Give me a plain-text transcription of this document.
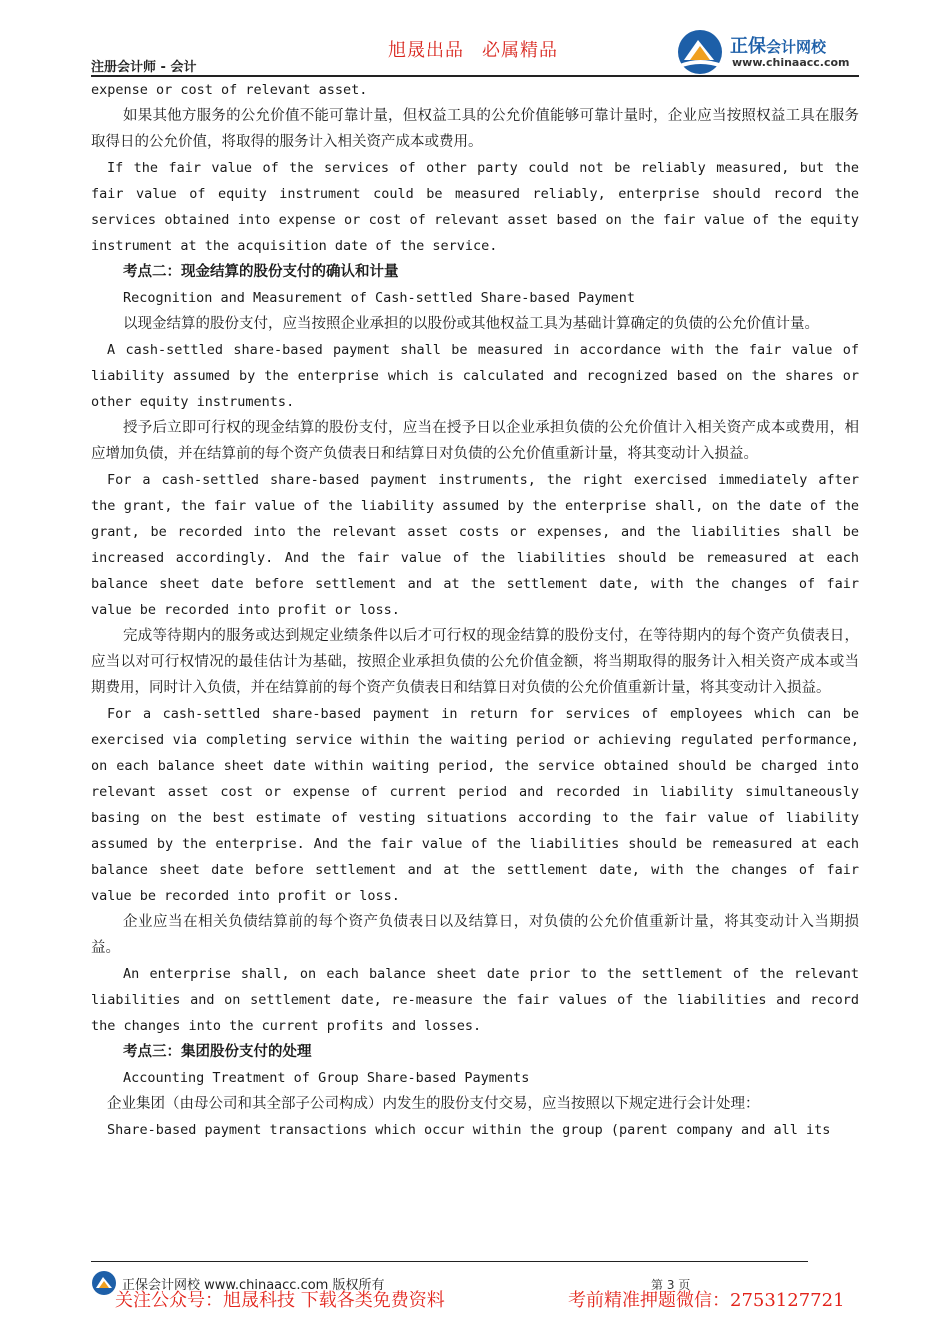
注册会计师 - 会计
旭晟出品 必属精品	正保会计网校
www.chinaacc.com

expense or cost of relevant asset.

如果其他方服务的公允价值不能可靠计量，但权益工具的公允价值能够可靠计量时，企业应当按照权益工具在服务取得日的公允价值，将取得的服务计入相关资产成本或费用。

If the fair value of the services of other party could not be reliably measured, but the fair value of equity instrument could be measured reliably, enterprise should record the services obtained into expense or cost of relevant asset based on the fair value of the equity instrument at the acquisition date of the service.

考点二：现金结算的股份支付的确认和计量

Recognition and Measurement of Cash-settled Share-based Payment

以现金结算的股份支付，应当按照企业承担的以股份或其他权益工具为基础计算确定的负债的公允价值计量。

A cash-settled share-based payment shall be measured in accordance with the fair value of liability assumed by the enterprise which is calculated and recognized based on the shares or other equity instruments.

授予后立即可行权的现金结算的股份支付，应当在授予日以企业承担负债的公允价值计入相关资产成本或费用，相应增加负债，并在结算前的每个资产负债表日和结算日对负债的公允价值重新计量，将其变动计入损益。

For a cash-settled share-based payment instruments, the right exercised immediately after the grant, the fair value of the liability assumed by the enterprise shall, on the date of the grant, be recorded into the relevant asset costs or expenses, and the liabilities shall be increased accordingly. And the fair value of the liabilities should be remeasured at each balance sheet date before settlement and at the settlement date, with the changes of fair value be recorded into profit or loss.

完成等待期内的服务或达到规定业绩条件以后才可行权的现金结算的股份支付，在等待期内的每个资产负债表日，应当以对可行权情况的最佳估计为基础，按照企业承担负债的公允价值金额，将当期取得的服务计入相关资产成本或当期费用，同时计入负债，并在结算前的每个资产负债表日和结算日对负债的公允价值重新计量，将其变动计入损益。

For a cash-settled share-based payment in return for services of employees which can be exercised via completing service within the waiting period or achieving regulated performance, on each balance sheet date within waiting period, the service obtained should be charged into relevant asset cost or expense of current period and recorded in liability simultaneously basing on the best estimate of vesting situations according to the fair value of liability assumed by the enterprise. And the fair value of the liabilities should be remeasured at each balance sheet date before settlement and at the settlement date, with the changes of fair value be recorded into profit or loss.

企业应当在相关负债结算前的每个资产负债表日以及结算日，对负债的公允价值重新计量，将其变动计入当期损益。

An enterprise shall, on each balance sheet date prior to the settlement of the relevant liabilities and on settlement date, re-measure the fair values of the liabilities and record the changes into the current profits and losses.

考点三：集团股份支付的处理

Accounting Treatment of Group Share-based Payments

企业集团（由母公司和其全部子公司构成）内发生的股份支付交易，应当按照以下规定进行会计处理：

Share-based payment transactions which occur within the group (parent company and all its

正保会计网校 www.chinaacc.com 版权所有	第 3 页
关注公众号：旭晟科技 下载各类免费资料	考前精准押题微信：2753127721
